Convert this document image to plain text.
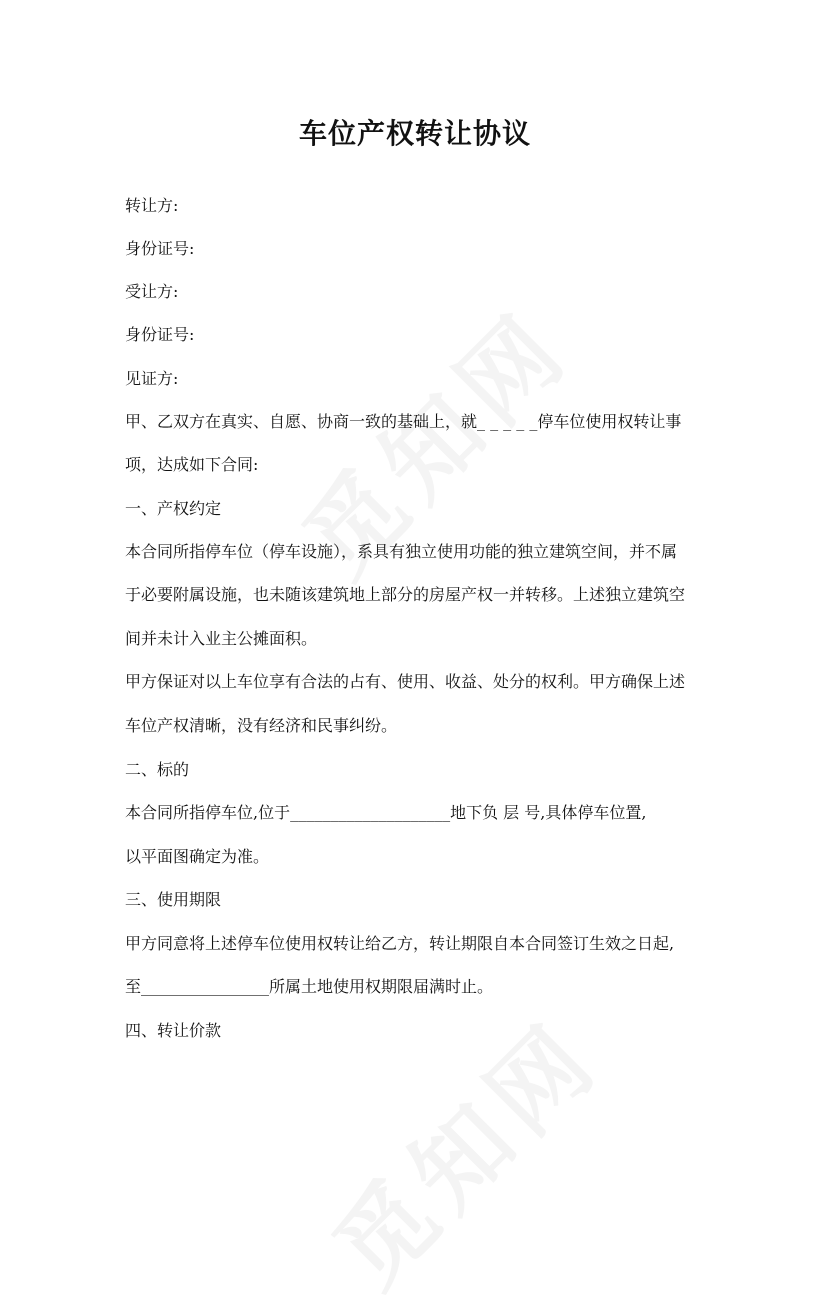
车位产权转让协议

转让方:

身份证号:

受让方:

身份证号:

见证方:

甲、乙双方在真实、自愿、协商一致的基础上，就_ _ _ _ _停车位使用权转让事

项，达成如下合同:

一、产权约定

本合同所指停车位（停车设施），系具有独立使用功能的独立建筑空间，并不属

于必要附属设施，也未随该建筑地上部分的房屋产权一并转移。上述独立建筑空

间并未计入业主公摊面积。

甲方保证对以上车位享有合法的占有、使用、收益、处分的权利。甲方确保上述

车位产权清晰，没有经济和民事纠纷。

二、标的

本合同所指停车位,位于____________________地下负 层 号,具体停车位置,

以平面图确定为准。

三、使用期限

甲方同意将上述停车位使用权转让给乙方，转让期限自本合同签订生效之日起,

至________________所属土地使用权期限届满时止。

四、转让价款
